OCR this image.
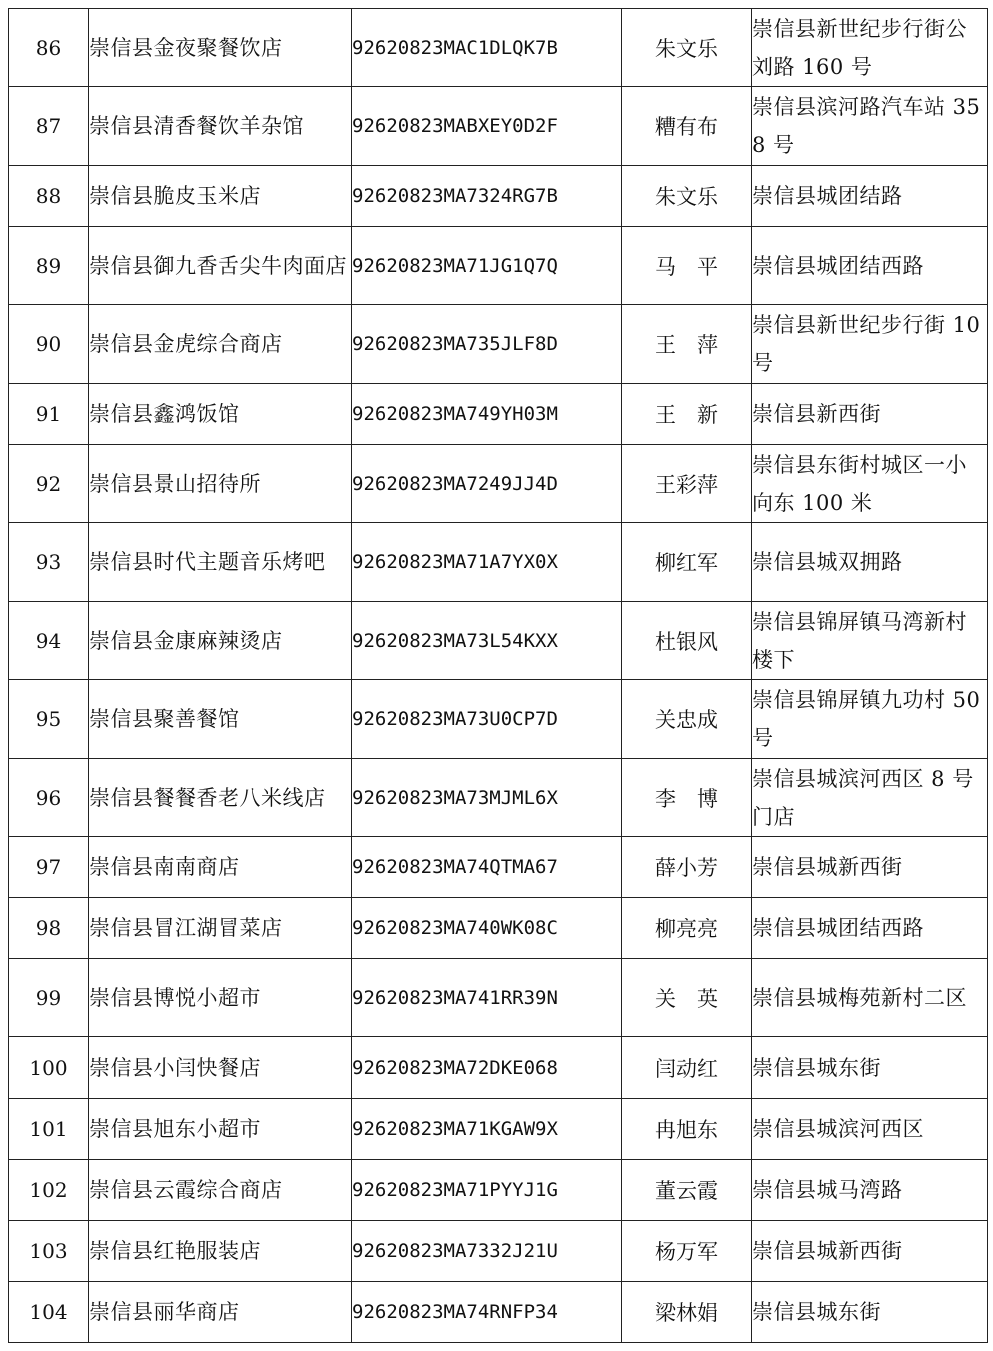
86	崇信县金夜聚餐饮店	92620823MAC1DLQK7B	朱文乐	崇信县新世纪步行街公刘路 160 号

87	崇信县清香餐饮羊杂馆	92620823MABXEY0D2F	糟有布	崇信县滨河路汽车站 358 号

88	崇信县脆皮玉米店	92620823MA7324RG7B	朱文乐	崇信县城团结路

89	崇信县御九香舌尖牛肉面店	92620823MA71JG1Q7Q	马　平	崇信县城团结西路

90	崇信县金虎综合商店	92620823MA735JLF8D	王　萍	崇信县新世纪步行街 10 号

91	崇信县鑫鸿饭馆	92620823MA749YH03M	王　新	崇信县新西街

92	崇信县景山招待所	92620823MA7249JJ4D	王彩萍	崇信县东街村城区一小向东 100 米

93	崇信县时代主题音乐烤吧	92620823MA71A7YX0X	柳红军	崇信县城双拥路

94	崇信县金康麻辣烫店	92620823MA73L54KXX	杜银风	崇信县锦屏镇马湾新村楼下

95	崇信县聚善餐馆	92620823MA73U0CP7D	关忠成	崇信县锦屏镇九功村 50 号

96	崇信县餐餐香老八米线店	92620823MA73MJML6X	李　博	崇信县城滨河西区 8 号门店

97	崇信县南南商店	92620823MA74QTMA67	薛小芳	崇信县城新西街

98	崇信县冒江湖冒菜店	92620823MA740WK08C	柳亮亮	崇信县城团结西路

99	崇信县博悦小超市	92620823MA741RR39N	关　英	崇信县城梅苑新村二区

100	崇信县小闫快餐店	92620823MA72DKE068	闫动红	崇信县城东街

101	崇信县旭东小超市	92620823MA71KGAW9X	冉旭东	崇信县城滨河西区

102	崇信县云霞综合商店	92620823MA71PYYJ1G	董云霞	崇信县城马湾路

103	崇信县红艳服装店	92620823MA7332J21U	杨万军	崇信县城新西街

104	崇信县丽华商店	92620823MA74RNFP34	梁林娟	崇信县城东街
